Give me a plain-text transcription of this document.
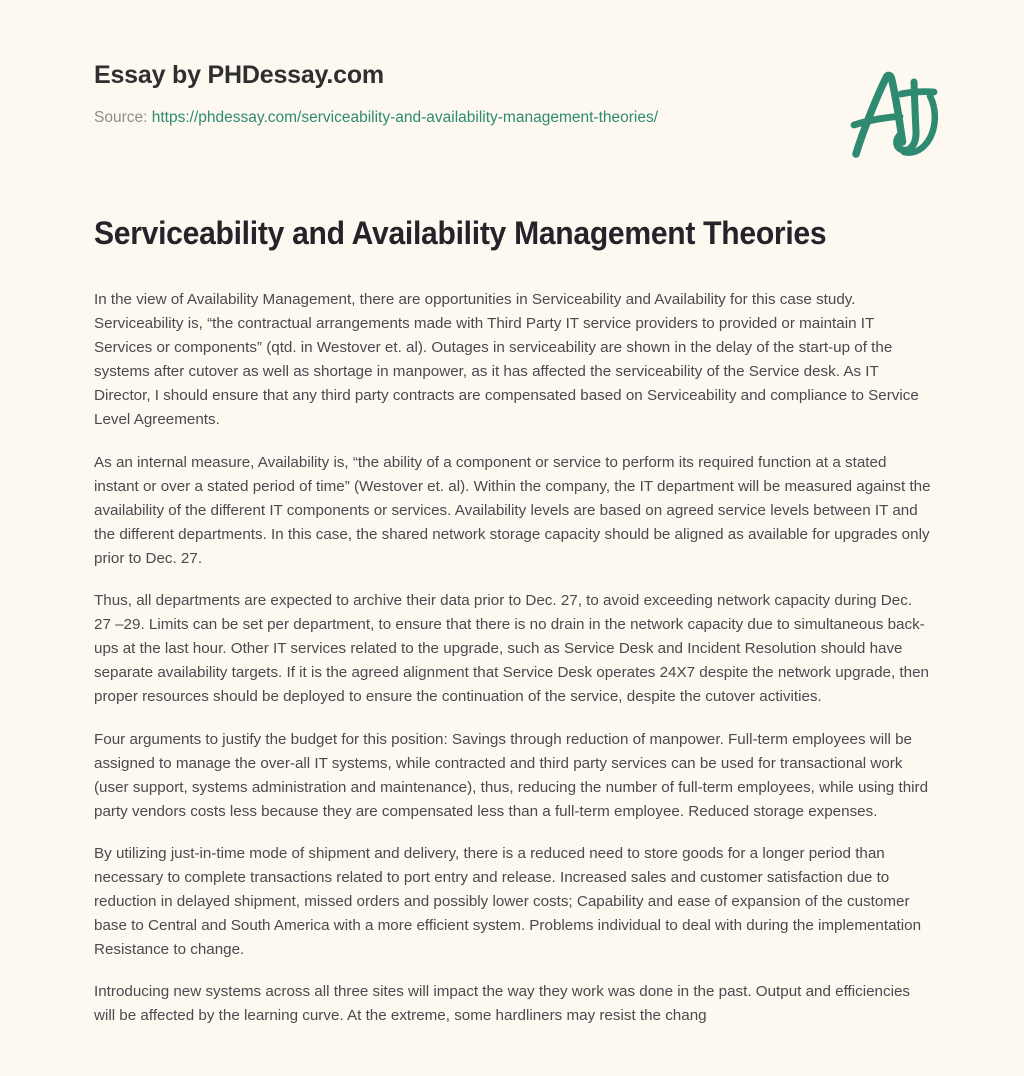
Essay by PHDessay.com
Source: https://phdessay.com/serviceability-and-availability-management-theories/
Serviceability and Availability Management Theories

In the view of Availability Management, there are opportunities in Serviceability and Availability for this case study. Serviceability is, “the contractual arrangements made with Third Party IT service providers to provided or maintain IT Services or components” (qtd. in Westover et. al). Outages in serviceability are shown in the delay of the start-up of the systems after cutover as well as shortage in manpower, as it has affected the serviceability of the Service desk. As IT Director, I should ensure that any third party contracts are compensated based on Serviceability and compliance to Service Level Agreements.

As an internal measure, Availability is, “the ability of a component or service to perform its required function at a stated instant or over a stated period of time” (Westover et. al). Within the company, the IT department will be measured against the availability of the different IT components or services. Availability levels are based on agreed service levels between IT and the different departments. In this case, the shared network storage capacity should be aligned as available for upgrades only prior to Dec. 27.

Thus, all departments are expected to archive their data prior to Dec. 27, to avoid exceeding network capacity during Dec. 27 –29. Limits can be set per department, to ensure that there is no drain in the network capacity due to simultaneous back-ups at the last hour. Other IT services related to the upgrade, such as Service Desk and Incident Resolution should have separate availability targets. If it is the agreed alignment that Service Desk operates 24X7 despite the network upgrade, then proper resources should be deployed to ensure the continuation of the service, despite the cutover activities.

Four arguments to justify the budget for this position: Savings through reduction of manpower. Full-term employees will be assigned to manage the over-all IT systems, while contracted and third party services can be used for transactional work (user support, systems administration and maintenance), thus, reducing the number of full-term employees, while using third party vendors costs less because they are compensated less than a full-term employee. Reduced storage expenses.

By utilizing just-in-time mode of shipment and delivery, there is a reduced need to store goods for a longer period than necessary to complete transactions related to port entry and release. Increased sales and customer satisfaction due to reduction in delayed shipment, missed orders and possibly lower costs; Capability and ease of expansion of the customer base to Central and South America with a more efficient system. Problems individual to deal with during the implementation Resistance to change.

Introducing new systems across all three sites will impact the way they work was done in the past. Output and efficiencies will be affected by the learning curve. At the extreme, some hardliners may resist the chang
